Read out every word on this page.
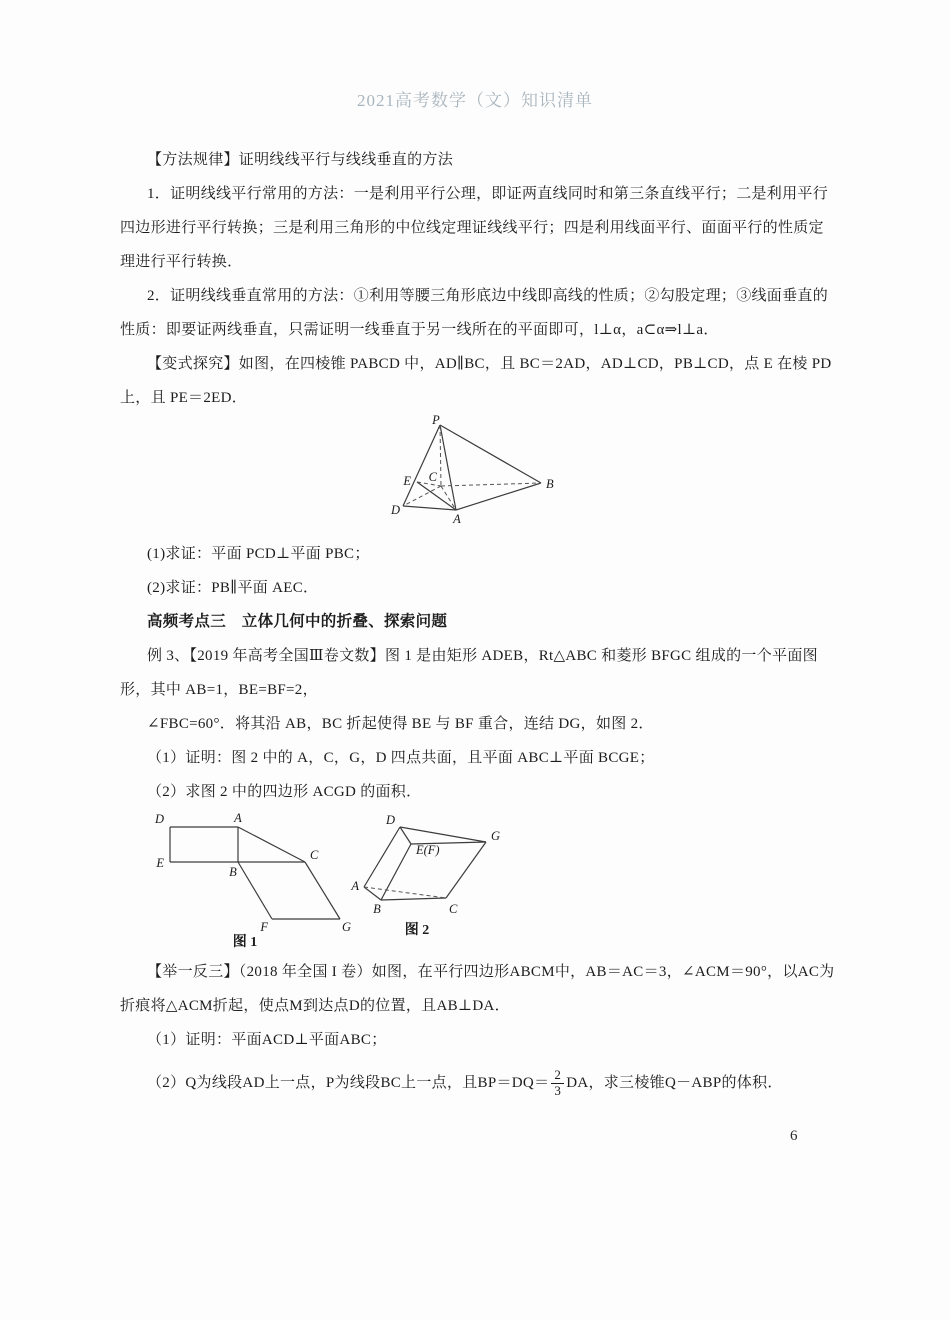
2021高考数学（文）知识清单
【方法规律】证明线线平行与线线垂直的方法
1．证明线线平行常用的方法：一是利用平行公理，即证两直线同时和第三条直线平行；二是利用平行
四边形进行平行转换；三是利用三角形的中位线定理证线线平行；四是利用线面平行、面面平行的性质定
理进行平行转换．
2．证明线线垂直常用的方法：①利用等腰三角形底边中线即高线的性质；②勾股定理；③线面垂直的
性质：即要证两线垂直，只需证明一线垂直于另一线所在的平面即可，l⊥α，a⊂α⇒l⊥a．
【变式探究】如图，在四棱锥 PABCD 中，AD∥BC，且 BC＝2AD，AD⊥CD，PB⊥CD，点 E 在棱 PD
上，且 PE＝2ED．
P
E C
D
A
B
(1)求证：平面 PCD⊥平面 PBC；
(2)求证：PB∥平面 AEC．
高频考点三　立体几何中的折叠、探索问题
例 3、【2019 年高考全国Ⅲ卷文数】图 1 是由矩形 ADEB，Rt△ABC 和菱形 BFGC 组成的一个平面图
形，其中 AB=1，BE=BF=2，
∠FBC=60°．将其沿 AB，BC 折起使得 BE 与 BF 重合，连结 DG，如图 2．
（1）证明：图 2 中的 A，C，G，D 四点共面，且平面 ABC⊥平面 BCGE；
（2）求图 2 中的四边形 ACGD 的面积．
D	A
E
B
C
F	G
图 1
D
E(F)
G
A
B	C
图 2
【举一反三】（2018 年全国 I 卷）如图，在平行四边形ABCM中，AB＝AC＝3，∠ACM＝90°，以AC为
折痕将△ACM折起，使点M到达点D的位置，且AB⊥DA．
（1）证明：平面ACD⊥平面ABC；
（2）Q为线段AD上一点，P为线段BC上一点，且$BP=DQ= \frac{2}{3}$ DA，求三棱锥Q－ABP的体积．
6
